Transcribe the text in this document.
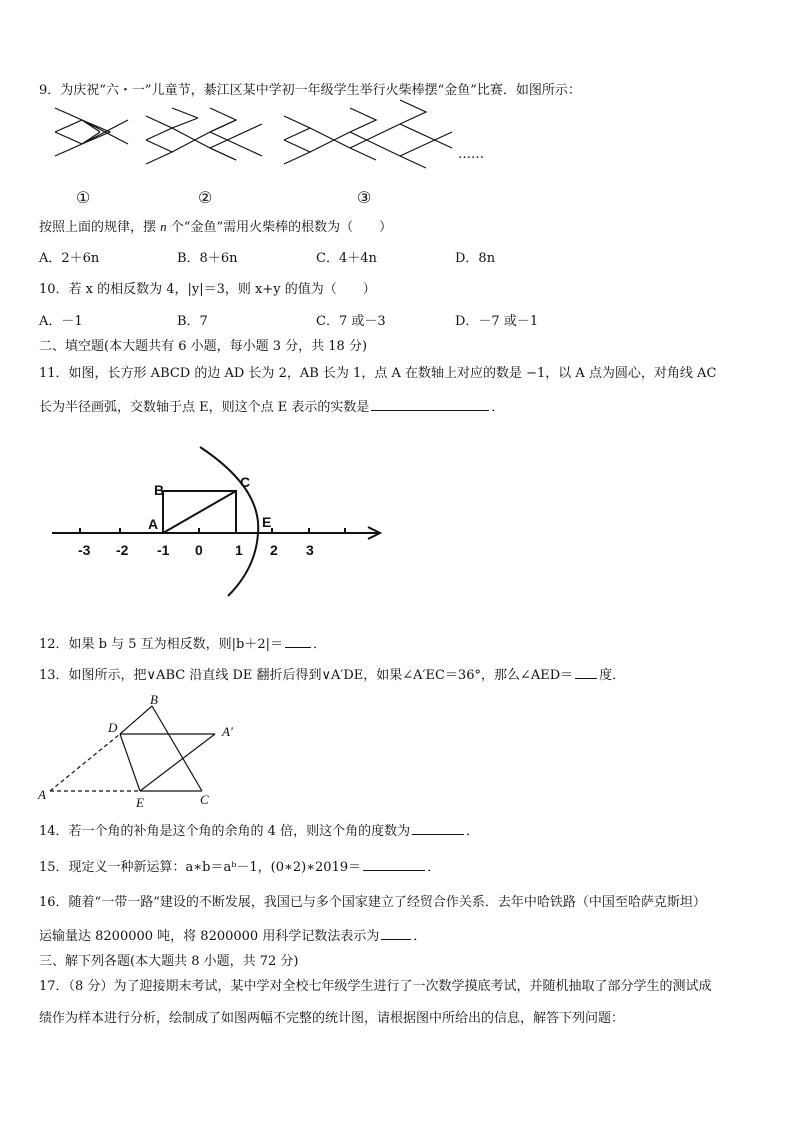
9．为庆祝“六・一”儿童节，綦江区某中学初一年级学生举行火柴棒摆“金鱼”比赛．如图所示：
……
①	②	③
按照上面的规律，摆 n 个“金鱼”需用火柴棒的根数为（　　）
A．2＋6n	B．8＋6n	C．4＋4n	D．8n
10．若 x 的相反数为 4，|y|＝3，则 x+y 的值为（　　）
A．－1	B．7	C．7 或－3	D．－7 或－1
二、填空题(本大题共有 6 小题，每小题 3 分，共 18 分)
11．如图，长方形 ABCD 的边 AD 长为 2，AB 长为 1，点 A 在数轴上对应的数是 −1，以 A 点为圆心，对角线 AC
长为半径画弧，交数轴于点 E，则这个点 E 表示的实数是	．
B	C
A	E
-3 -2 -1 0 1 2 3
12．如果 b 与 5 互为相反数，则|b＋2|＝ ．
13．如图所示，把∨ABC 沿直线 DE 翻折后得到∨A′DE，如果∠A′EC＝36°，那么∠AED＝ 度．
B
D	A′
A
E	C
14．若一个角的补角是这个角的余角的 4 倍，则这个角的度数为	．
15．现定义一种新运算：a∗b＝aᵇ－1，(0∗2)∗2019＝	．
16．随着“一带一路”建设的不断发展，我国已与多个国家建立了经贸合作关系．去年中哈铁路（中国至哈萨克斯坦）
运输量达 8200000 吨，将 8200000 用科学记数法表示为	．
三、解下列各题(本大题共 8 小题，共 72 分)
17．（8 分）为了迎接期末考试，某中学对全校七年级学生进行了一次数学摸底考试，并随机抽取了部分学生的测试成
绩作为样本进行分析，绘制成了如图两幅不完整的统计图，请根据图中所给出的信息，解答下列问题：
